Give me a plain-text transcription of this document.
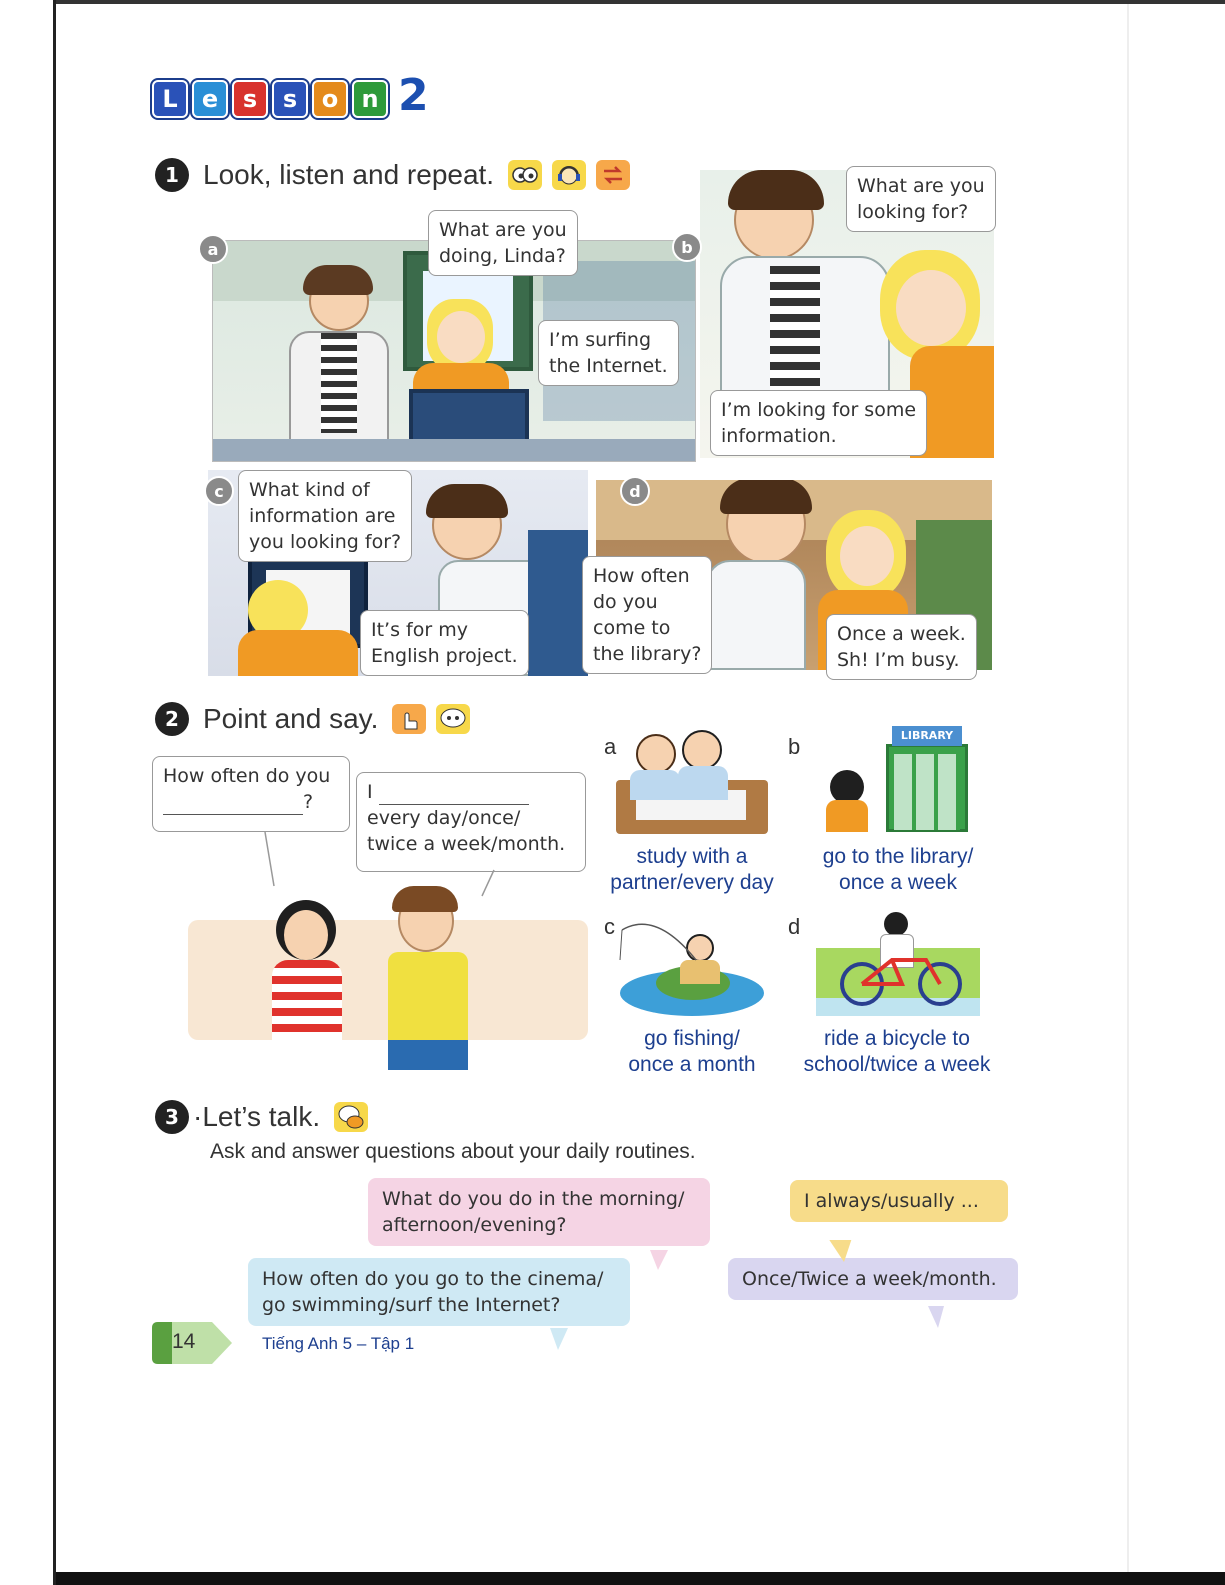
L	e	s	s	o n 2
1 Look, listen and repeat.
a
What are you
doing, Linda?
I’m surfing
the Internet.
b
What are you
looking for?
I’m looking for some
information.
c	What kind of
information are
you looking for?
It’s for my
English project.
d
How often
do you
come to
the library?
Once a week.
Sh! I’m busy.
2 Point and say.
How often do you
?	I
every day/once/
twice a week/month.
a
study with a
partner/every day
b	LIBRARY
go to the library/
once a week
c
go fishing/
once a month
d
ride a bicycle to
school/twice a week
3 ·Let’s talk.
Ask and answer questions about your daily routines.
What do you do in the morning/
afternoon/evening?
I always/usually ...
How often do you go to the cinema/
go swimming/surf the Internet?
Once/Twice a week/month.
14	Tiếng Anh 5 – Tập 1
